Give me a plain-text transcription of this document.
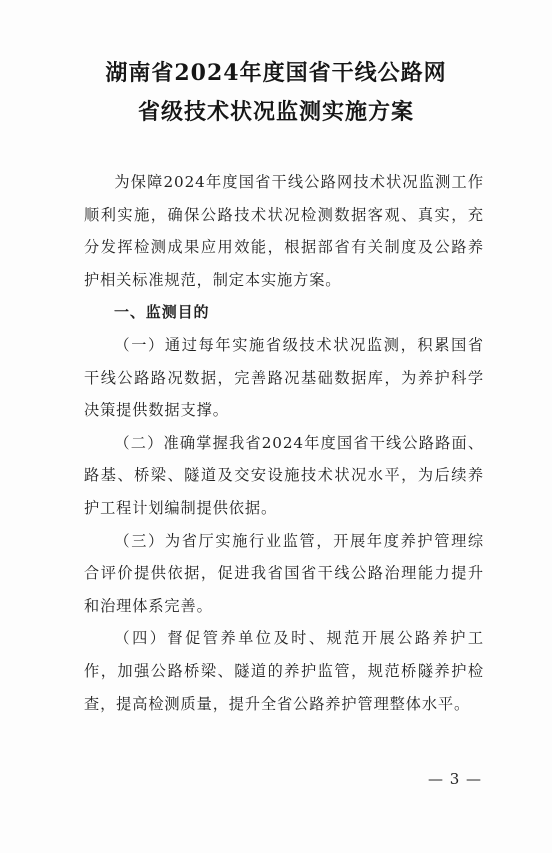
湖南省2024年度国省干线公路网
省级技术状况监测实施方案

为保障2024年度国省干线公路网技术状况监测工作顺利实施，确保公路技术状况检测数据客观、真实，充分发挥检测成果应用效能，根据部省有关制度及公路养护相关标准规范，制定本实施方案。

一、监测目的

（一）通过每年实施省级技术状况监测，积累国省干线公路路况数据，完善路况基础数据库，为养护科学决策提供数据支撑。

（二）准确掌握我省2024年度国省干线公路路面、路基、桥梁、隧道及交安设施技术状况水平，为后续养护工程计划编制提供依据。

（三）为省厅实施行业监管，开展年度养护管理综合评价提供依据，促进我省国省干线公路治理能力提升和治理体系完善。

（四）督促管养单位及时、规范开展公路养护工作，加强公路桥梁、隧道的养护监管，规范桥隧养护检查，提高检测质量，提升全省公路养护管理整体水平。

— 3 —
